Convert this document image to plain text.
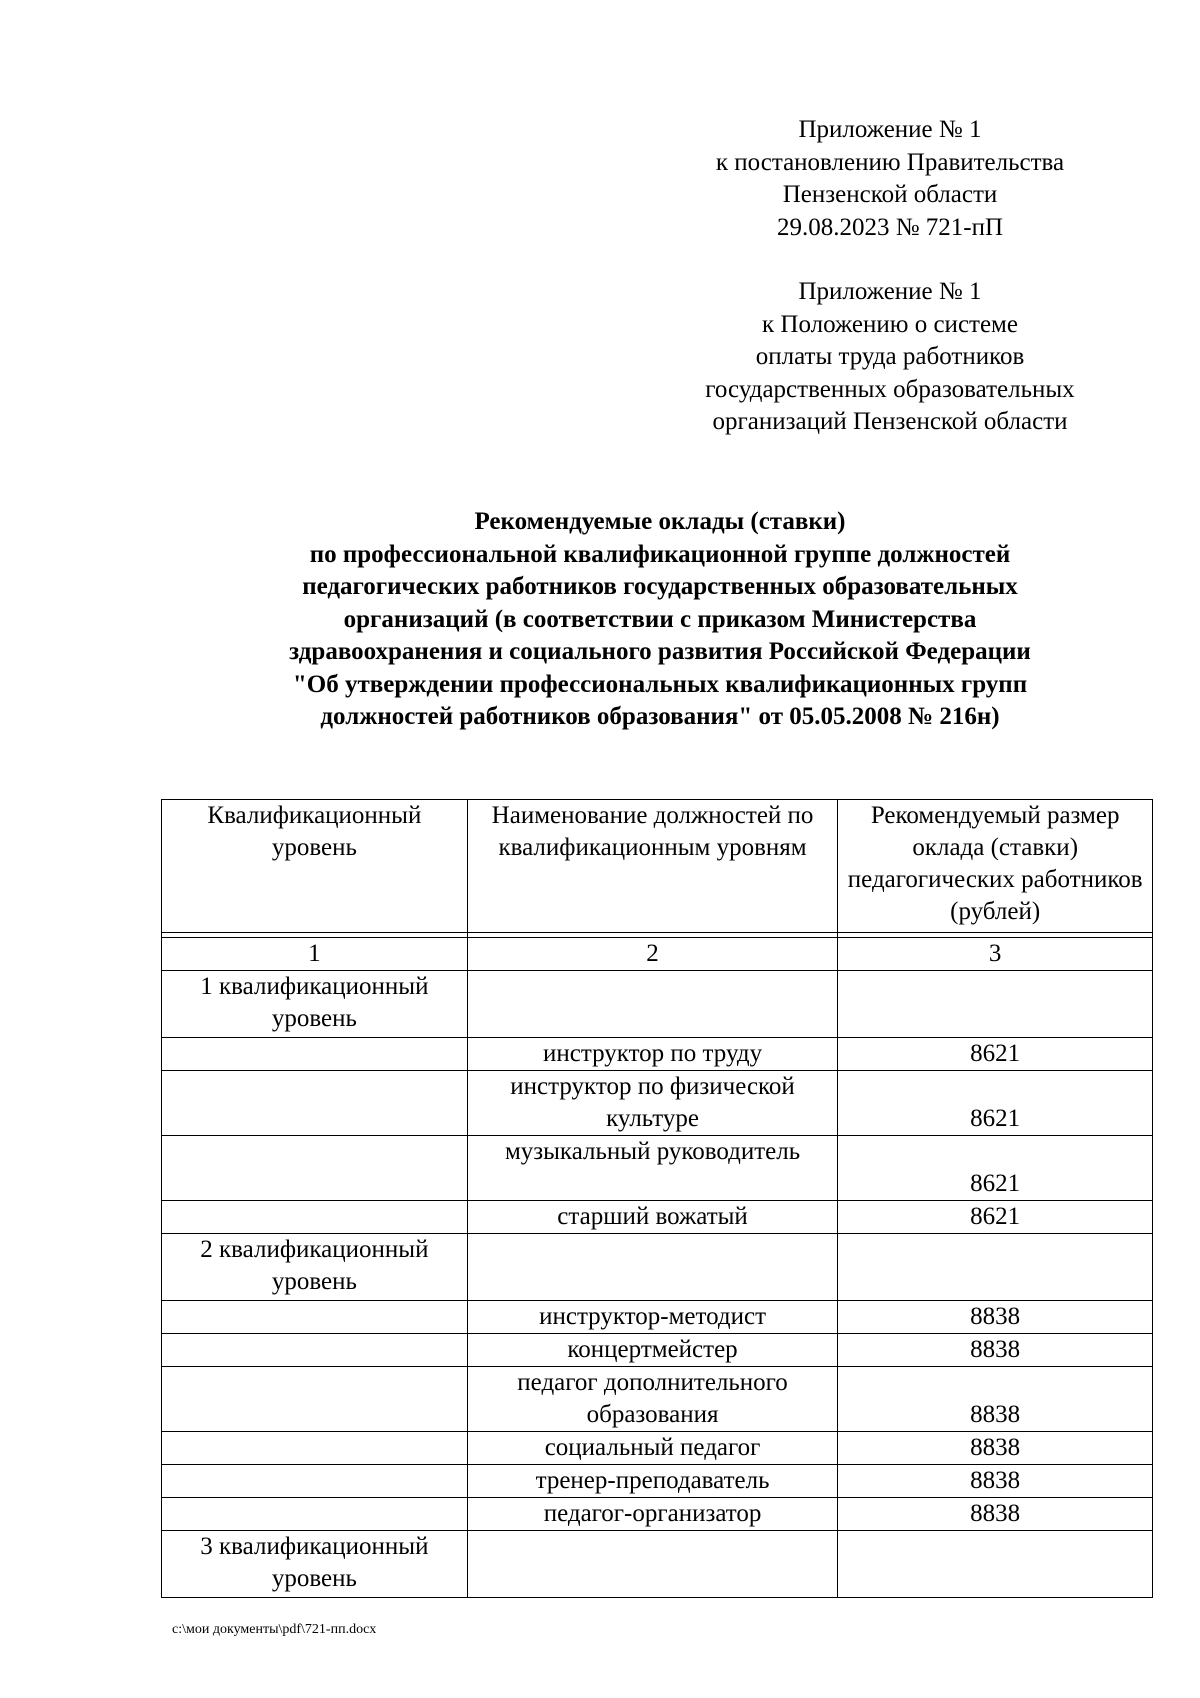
Приложение № 1
к постановлению Правительства
Пензенской области
29.08.2023 № 721-пП
Приложение № 1
к Положению о системе
оплаты труда работников
государственных образовательных
организаций Пензенской области
Рекомендуемые оклады (ставки)
по профессиональной квалификационной группе должностей
педагогических работников государственных образовательных
организаций (в соответствии с приказом Министерства
здравоохранения и социального развития Российской Федерации
"Об утверждении профессиональных квалификационных групп
должностей работников образования" от 05.05.2008 № 216н)
Квалификационный уровень	Наименование должностей по квалификационным уровням	Рекомендуемый размер оклада (ставки) педагогических работников (рублей)

1	2	3
1 квалификационный уровень		
	инструктор по труду	8621
	инструктор по физической культуре	8621
	музыкальный руководитель	8621
	старший вожатый	8621
2 квалификационный уровень		
	инструктор-методист	8838
	концертмейстер	8838
	педагог дополнительного образования	8838
	социальный педагог	8838
	тренер-преподаватель	8838
	педагог-организатор	8838
3 квалификационный уровень		
c:\мои документы\pdf\721-пп.docx
